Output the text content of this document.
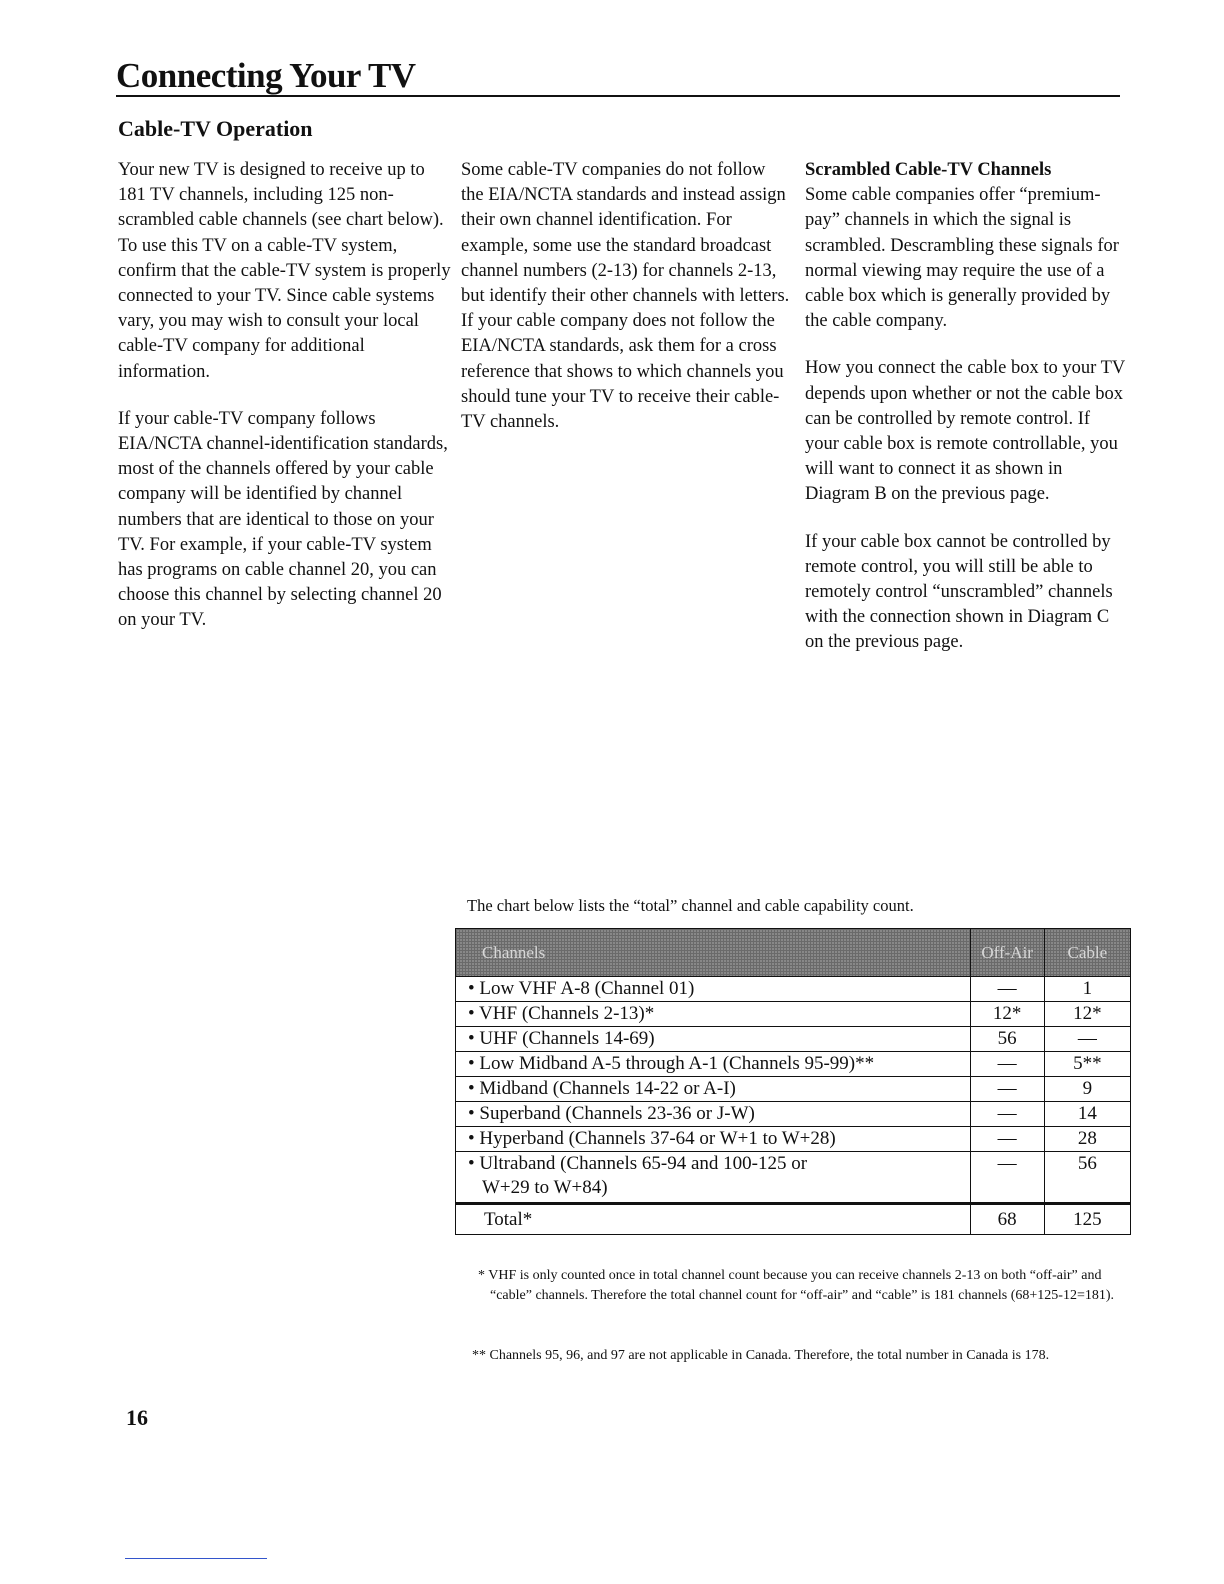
Connecting Your TV
Cable-TV Operation

Your new TV is designed to receive up to 181 TV channels, including 125 non-scrambled cable channels (see chart below). To use this TV on a cable-TV system, confirm that the cable-TV system is properly connected to your TV. Since cable systems vary, you may wish to consult your local cable-TV company for additional information.

If your cable-TV company follows EIA/NCTA channel-identification standards, most of the channels offered by your cable company will be identified by channel numbers that are identical to those on your TV. For example, if your cable-TV system has programs on cable channel 20, you can choose this channel by selecting channel 20 on your TV.

Some cable-TV companies do not follow the EIA/NCTA standards and instead assign their own channel identification. For example, some use the standard broadcast channel numbers (2-13) for channels 2-13, but identify their other channels with letters. If your cable company does not follow the EIA/NCTA standards, ask them for a cross reference that shows to which channels you should tune your TV to receive their cable-TV channels.

Scrambled Cable-TV Channels

Some cable companies offer “premium-pay” channels in which the signal is scrambled. Descrambling these signals for normal viewing may require the use of a cable box which is generally provided by the cable company.

How you connect the cable box to your TV depends upon whether or not the cable box can be controlled by remote control. If your cable box is remote controllable, you will want to connect it as shown in Diagram B on the previous page.

If your cable box cannot be controlled by remote control, you will still be able to remotely control “unscrambled” channels with the connection shown in Diagram C on the previous page.

The chart below lists the “total” channel and cable capability count.
Channels	Off-Air	Cable
• Low VHF A-8 (Channel 01)	—	1
• VHF (Channels 2-13)*	12*	12*
• UHF (Channels 14-69)	56	—
• Low Midband A-5 through A-1 (Channels 95-99)**	—	5**
• Midband (Channels 14-22 or A-I)	—	9
• Superband (Channels 23-36 or J-W)	—	14
• Hyperband (Channels 37-64 or W+1 to W+28)	—	28

• Ultraband (Channels 65-94 and 100-125 or
W+29 to W+84)	—	56
Total*	68	125
* VHF is only counted once in total channel count because you can receive channels 2-13 on both “off-air” and “cable” channels. Therefore the total channel count for “off-air” and “cable” is 181 channels (68+125-12=181).
** Channels 95, 96, and 97 are not applicable in Canada. Therefore, the total number in Canada is 178.
16
